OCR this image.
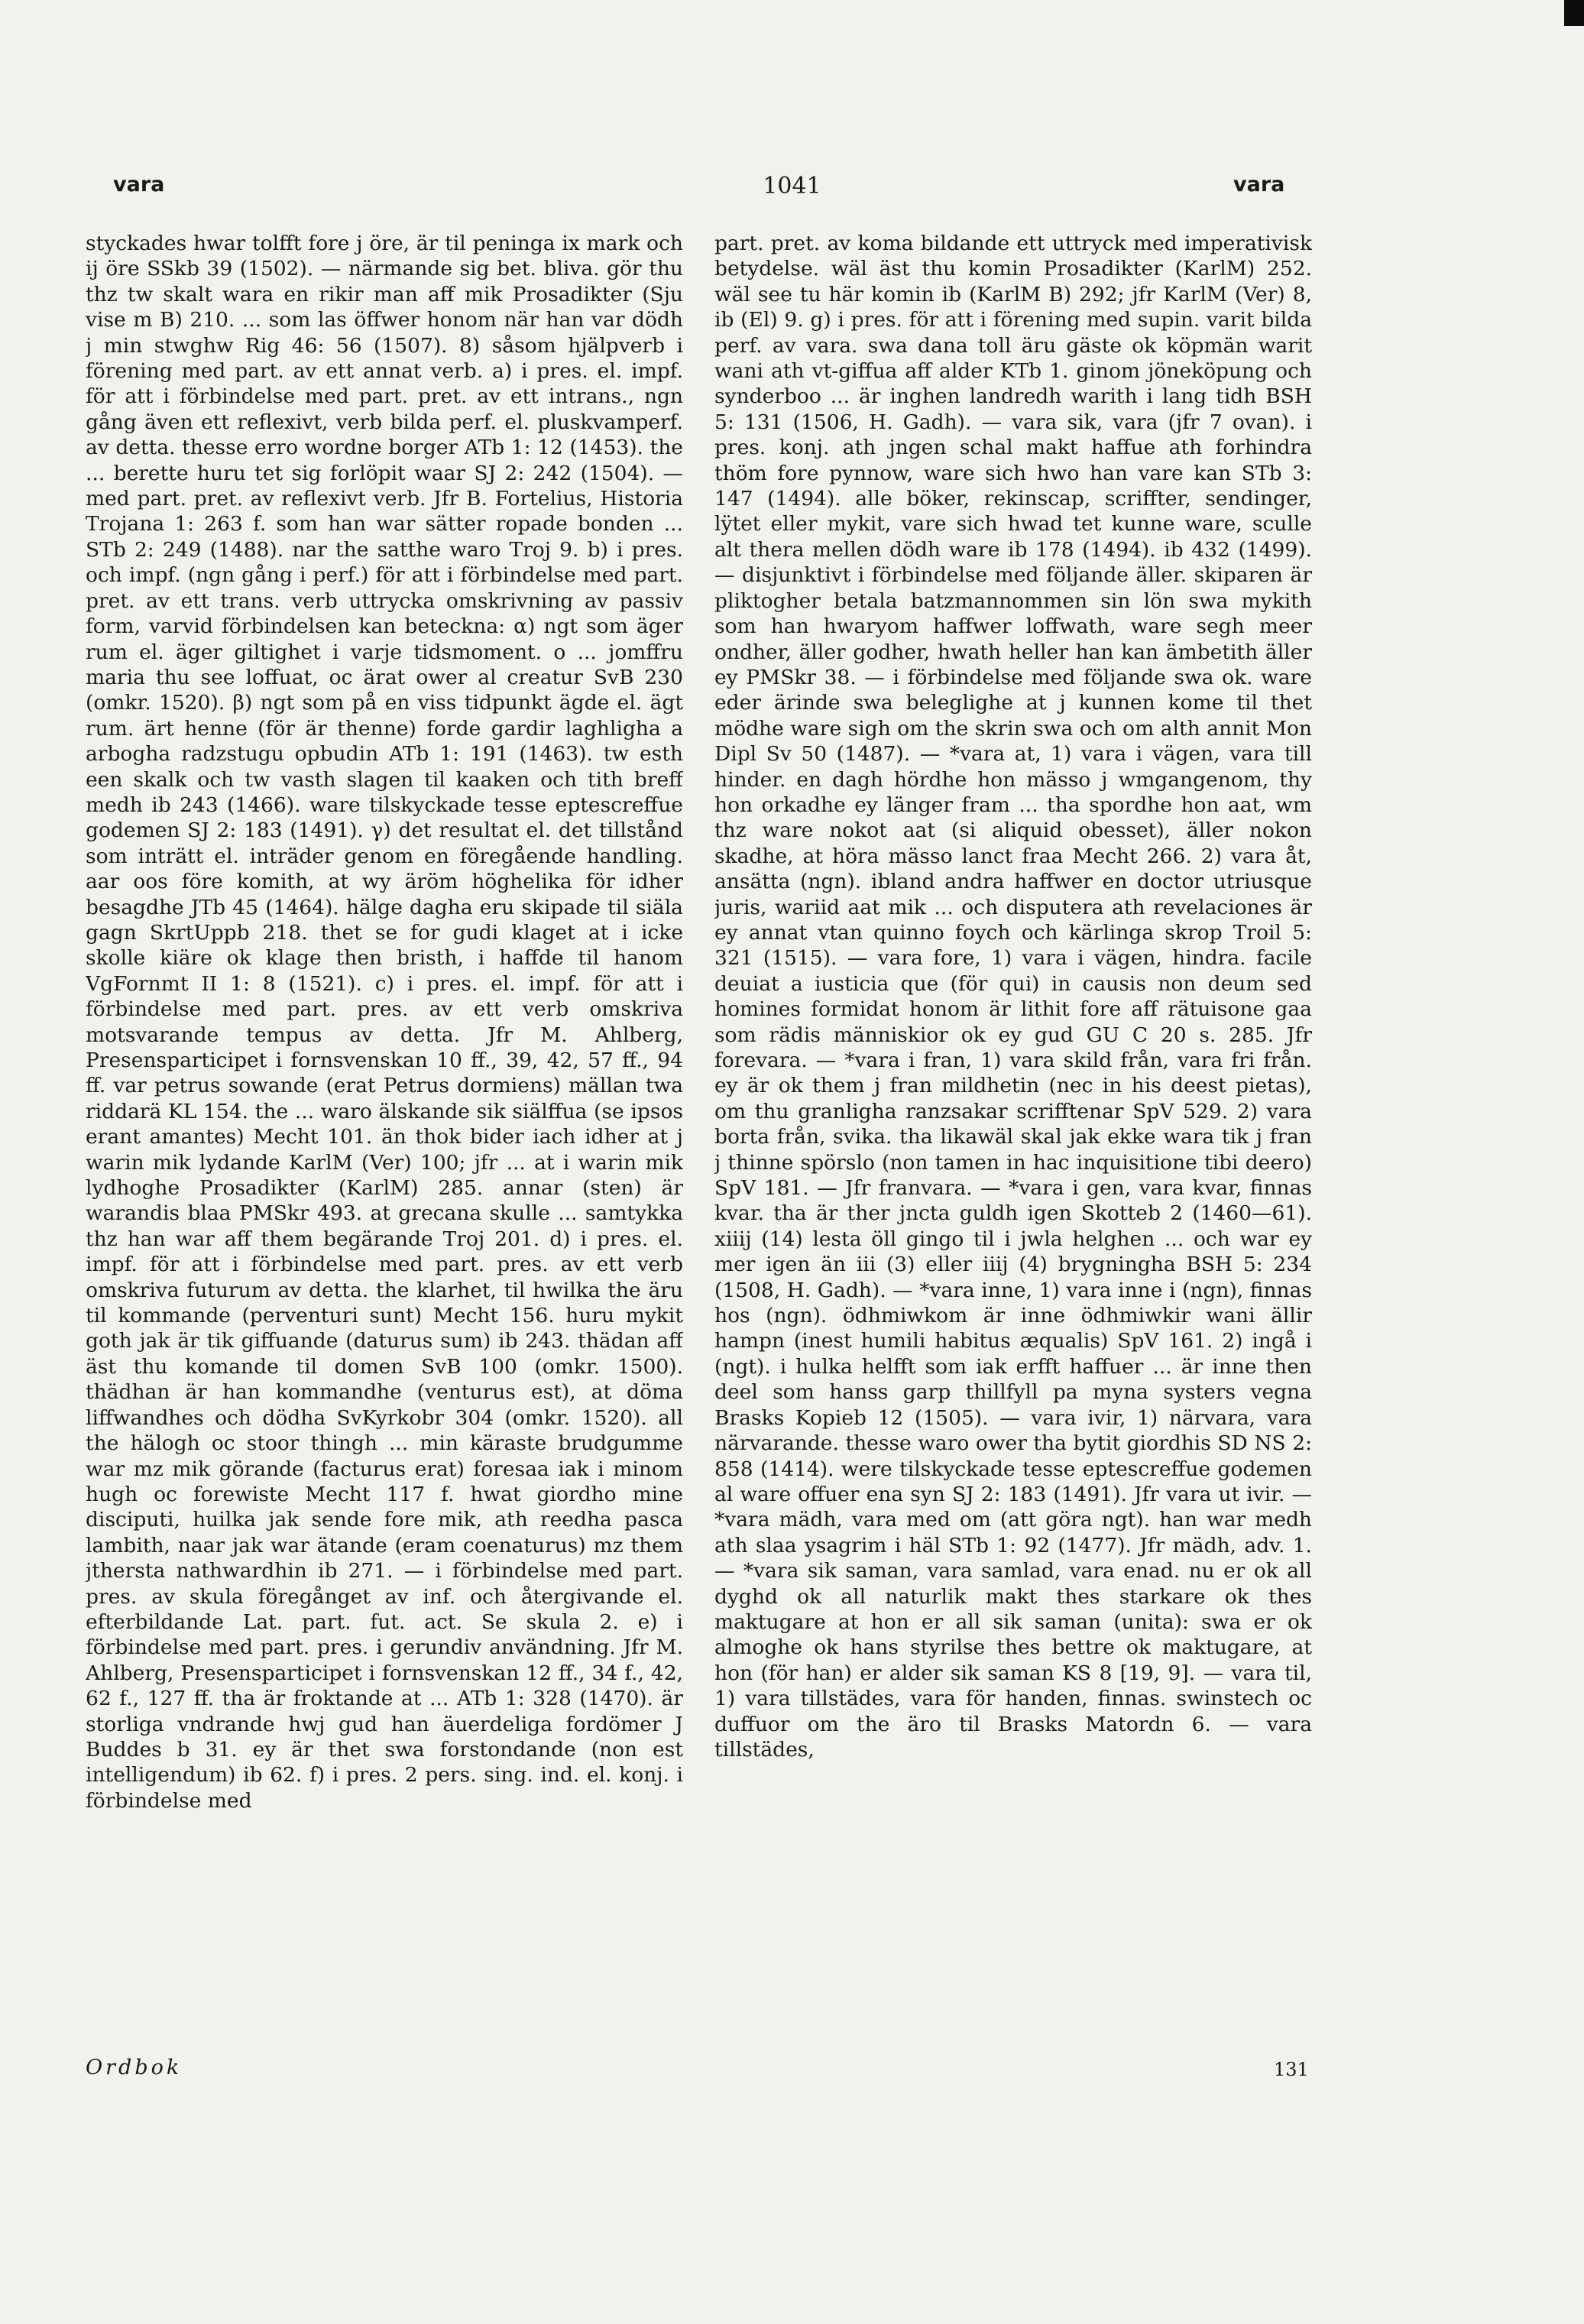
vara	1041	vara

styckades hwar tolfft fore j öre, är til peninga ix mark och ij öre SSkb 39 (1502). — närmande sig bet. bliva. gör thu thz tw skalt wara en rikir man aff mik Prosadikter (Sju vise m B) 210. ... som las öffwer honom när han var dödh j min stwghw Rig 46: 56 (1507). 8) såsom hjälpverb i förening med part. av ett annat verb. a) i pres. el. impf. för att i förbindelse med part. pret. av ett intrans., ngn gång även ett reflexivt, verb bilda perf. el. pluskvamperf. av detta. thesse erro wordne borger ATb 1: 12 (1453). the ... berette huru tet sig forlöpit waar SJ 2: 242 (1504). — med part. pret. av reflexivt verb. Jfr B. Fortelius, Historia Trojana 1: 263 f. som han war sätter ropade bonden ... STb 2: 249 (1488). nar the satthe waro Troj 9. b) i pres. och impf. (ngn gång i perf.) för att i förbindelse med part. pret. av ett trans. verb uttrycka omskrivning av passiv form, varvid förbindelsen kan beteckna: α) ngt som äger rum el. äger giltighet i varje tidsmoment. o ... jomffru maria thu see loffuat, oc ärat ower al creatur SvB 230 (omkr. 1520). β) ngt som på en viss tidpunkt ägde el. ägt rum. ärt henne (för är thenne) forde gardir laghligha a arbogha radzstugu opbudin ATb 1: 191 (1463). tw esth een skalk och tw vasth slagen til kaaken och tith breff medh ib 243 (1466). ware tilskyckade tesse eptescreffue godemen SJ 2: 183 (1491). γ) det resultat el. det tillstånd som inträtt el. inträder genom en föregående handling. aar oos före komith, at wy äröm höghelika för idher besagdhe JTb 45 (1464). hälge dagha eru skipade til siäla gagn SkrtUppb 218. thet se for gudi klaget at i icke skolle kiäre ok klage then bristh, i haffde til hanom VgFornmt II 1: 8 (1521). c) i pres. el. impf. för att i förbindelse med part. pres. av ett verb omskriva motsvarande tempus av detta. Jfr M. Ahlberg, Presensparticipet i fornsvenskan 10 ff., 39, 42, 57 ff., 94 ff. var petrus sowande (erat Petrus dormiens) mällan twa riddarä KL 154. the ... waro älskande sik siälffua (se ipsos erant amantes) Mecht 101. än thok bider iach idher at j warin mik lydande KarlM (Ver) 100; jfr ... at i warin mik lydhoghe Prosadikter (KarlM) 285. annar (sten) är warandis blaa PMSkr 493. at grecana skulle ... samtykka thz han war aff them begärande Troj 201. d) i pres. el. impf. för att i förbindelse med part. pres. av ett verb omskriva futurum av detta. the klarhet, til hwilka the äru til kommande (perventuri sunt) Mecht 156. huru mykit goth jak är tik giffuande (daturus sum) ib 243. thädan aff äst thu komande til domen SvB 100 (omkr. 1500). thädhan är han kommandhe (venturus est), at döma liffwandhes och dödha SvKyrkobr 304 (omkr. 1520). all the hälogh oc stoor thingh ... min käraste brudgumme war mz mik görande (facturus erat) foresaa iak i minom hugh oc forewiste Mecht 117 f. hwat giordho mine disciputi, huilka jak sende fore mik, ath reedha pasca lambith, naar jak war ätande (eram coenaturus) mz them jthersta nathwardhin ib 271. — i förbindelse med part. pres. av skula föregånget av inf. och återgivande el. efterbildande Lat. part. fut. act. Se skula 2. e) i förbindelse med part. pres. i gerundiv användning. Jfr M. Ahlberg, Presensparticipet i fornsvenskan 12 ff., 34 f., 42, 62 f., 127 ff. tha är froktande at ... ATb 1: 328 (1470). är storliga vndrande hwj gud han äuerdeliga fordömer J Buddes b 31. ey är thet swa forstondande (non est intelligendum) ib 62. f) i pres. 2 pers. sing. ind. el. konj. i förbindelse med

part. pret. av koma bildande ett uttryck med imperativisk betydelse. wäl äst thu komin Prosadikter (KarlM) 252. wäl see tu här komin ib (KarlM B) 292; jfr KarlM (Ver) 8, ib (El) 9. g) i pres. för att i förening med supin. varit bilda perf. av vara. swa dana toll äru gäste ok köpmän warit wani ath vt-giffua aff alder KTb 1. ginom jöneköpung och synderboo ... är inghen landredh warith i lang tidh BSH 5: 131 (1506, H. Gadh). — vara sik, vara (jfr 7 ovan). i pres. konj. ath jngen schal makt haffue ath forhindra thöm fore pynnow, ware sich hwo han vare kan STb 3: 147 (1494). alle böker, rekinscap, scriffter, sendinger, lÿtet eller mykit, vare sich hwad tet kunne ware, sculle alt thera mellen dödh ware ib 178 (1494). ib 432 (1499). — disjunktivt i förbindelse med följande äller. skiparen är pliktogher betala batzmannommen sin lön swa mykith som han hwaryom haffwer loffwath, ware segh meer ondher, äller godher, hwath heller han kan ämbetith äller ey PMSkr 38. — i förbindelse med följande swa ok. ware eder ärinde swa beleglighe at j kunnen kome til thet mödhe ware sigh om the skrin swa och om alth annit Mon Dipl Sv 50 (1487). — *vara at, 1) vara i vägen, vara till hinder. en dagh hördhe hon mässo j wmgangenom, thy hon orkadhe ey länger fram ... tha spordhe hon aat, wm thz ware nokot aat (si aliquid obesset), äller nokon skadhe, at höra mässo lanct fraa Mecht 266. 2) vara åt, ansätta (ngn). ibland andra haffwer en doctor utriusque juris, wariid aat mik ... och disputera ath revelaciones är ey annat vtan quinno foych och kärlinga skrop Troil 5: 321 (1515). — vara fore, 1) vara i vägen, hindra. facile deuiat a iusticia que (för qui) in causis non deum sed homines formidat honom är lithit fore aff rätuisone gaa som rädis människior ok ey gud GU C 20 s. 285. Jfr forevara. — *vara i fran, 1) vara skild från, vara fri från. ey är ok them j fran mildhetin (nec in his deest pietas), om thu granligha ranzsakar scrifftenar SpV 529. 2) vara borta från, svika. tha likawäl skal jak ekke wara tik j fran j thinne spörslo (non tamen in hac inquisitione tibi deero) SpV 181. — Jfr franvara. — *vara i gen, vara kvar, finnas kvar. tha är ther jncta guldh igen Skotteb 2 (1460—61). xiiij (14) lesta öll gingo til i jwla helghen ... och war ey mer igen än iii (3) eller iiij (4) brygningha BSH 5: 234 (1508, H. Gadh). — *vara inne, 1) vara inne i (ngn), finnas hos (ngn). ödhmiwkom är inne ödhmiwkir wani ällir hampn (inest humili habitus æqualis) SpV 161. 2) ingå i (ngt). i hulka helfft som iak erfft haffuer ... är inne then deel som hanss garp thillfyll pa myna systers vegna Brasks Kopieb 12 (1505). — vara ivir, 1) närvara, vara närvarande. thesse waro ower tha bytit giordhis SD NS 2: 858 (1414). were tilskyckade tesse eptescreffue godemen al ware offuer ena syn SJ 2: 183 (1491). Jfr vara ut ivir. — *vara mädh, vara med om (att göra ngt). han war medh ath slaa ysagrim i häl STb 1: 92 (1477). Jfr mädh, adv. 1. — *vara sik saman, vara samlad, vara enad. nu er ok all dyghd ok all naturlik makt thes starkare ok thes maktugare at hon er all sik saman (unita): swa er ok almoghe ok hans styrilse thes bettre ok maktugare, at hon (för han) er alder sik saman KS 8 [19, 9]. — vara til, 1) vara tillstädes, vara för handen, finnas. swinstech oc duffuor om the äro til Brasks Matordn 6. — vara tillstädes,

Ordbok	131
